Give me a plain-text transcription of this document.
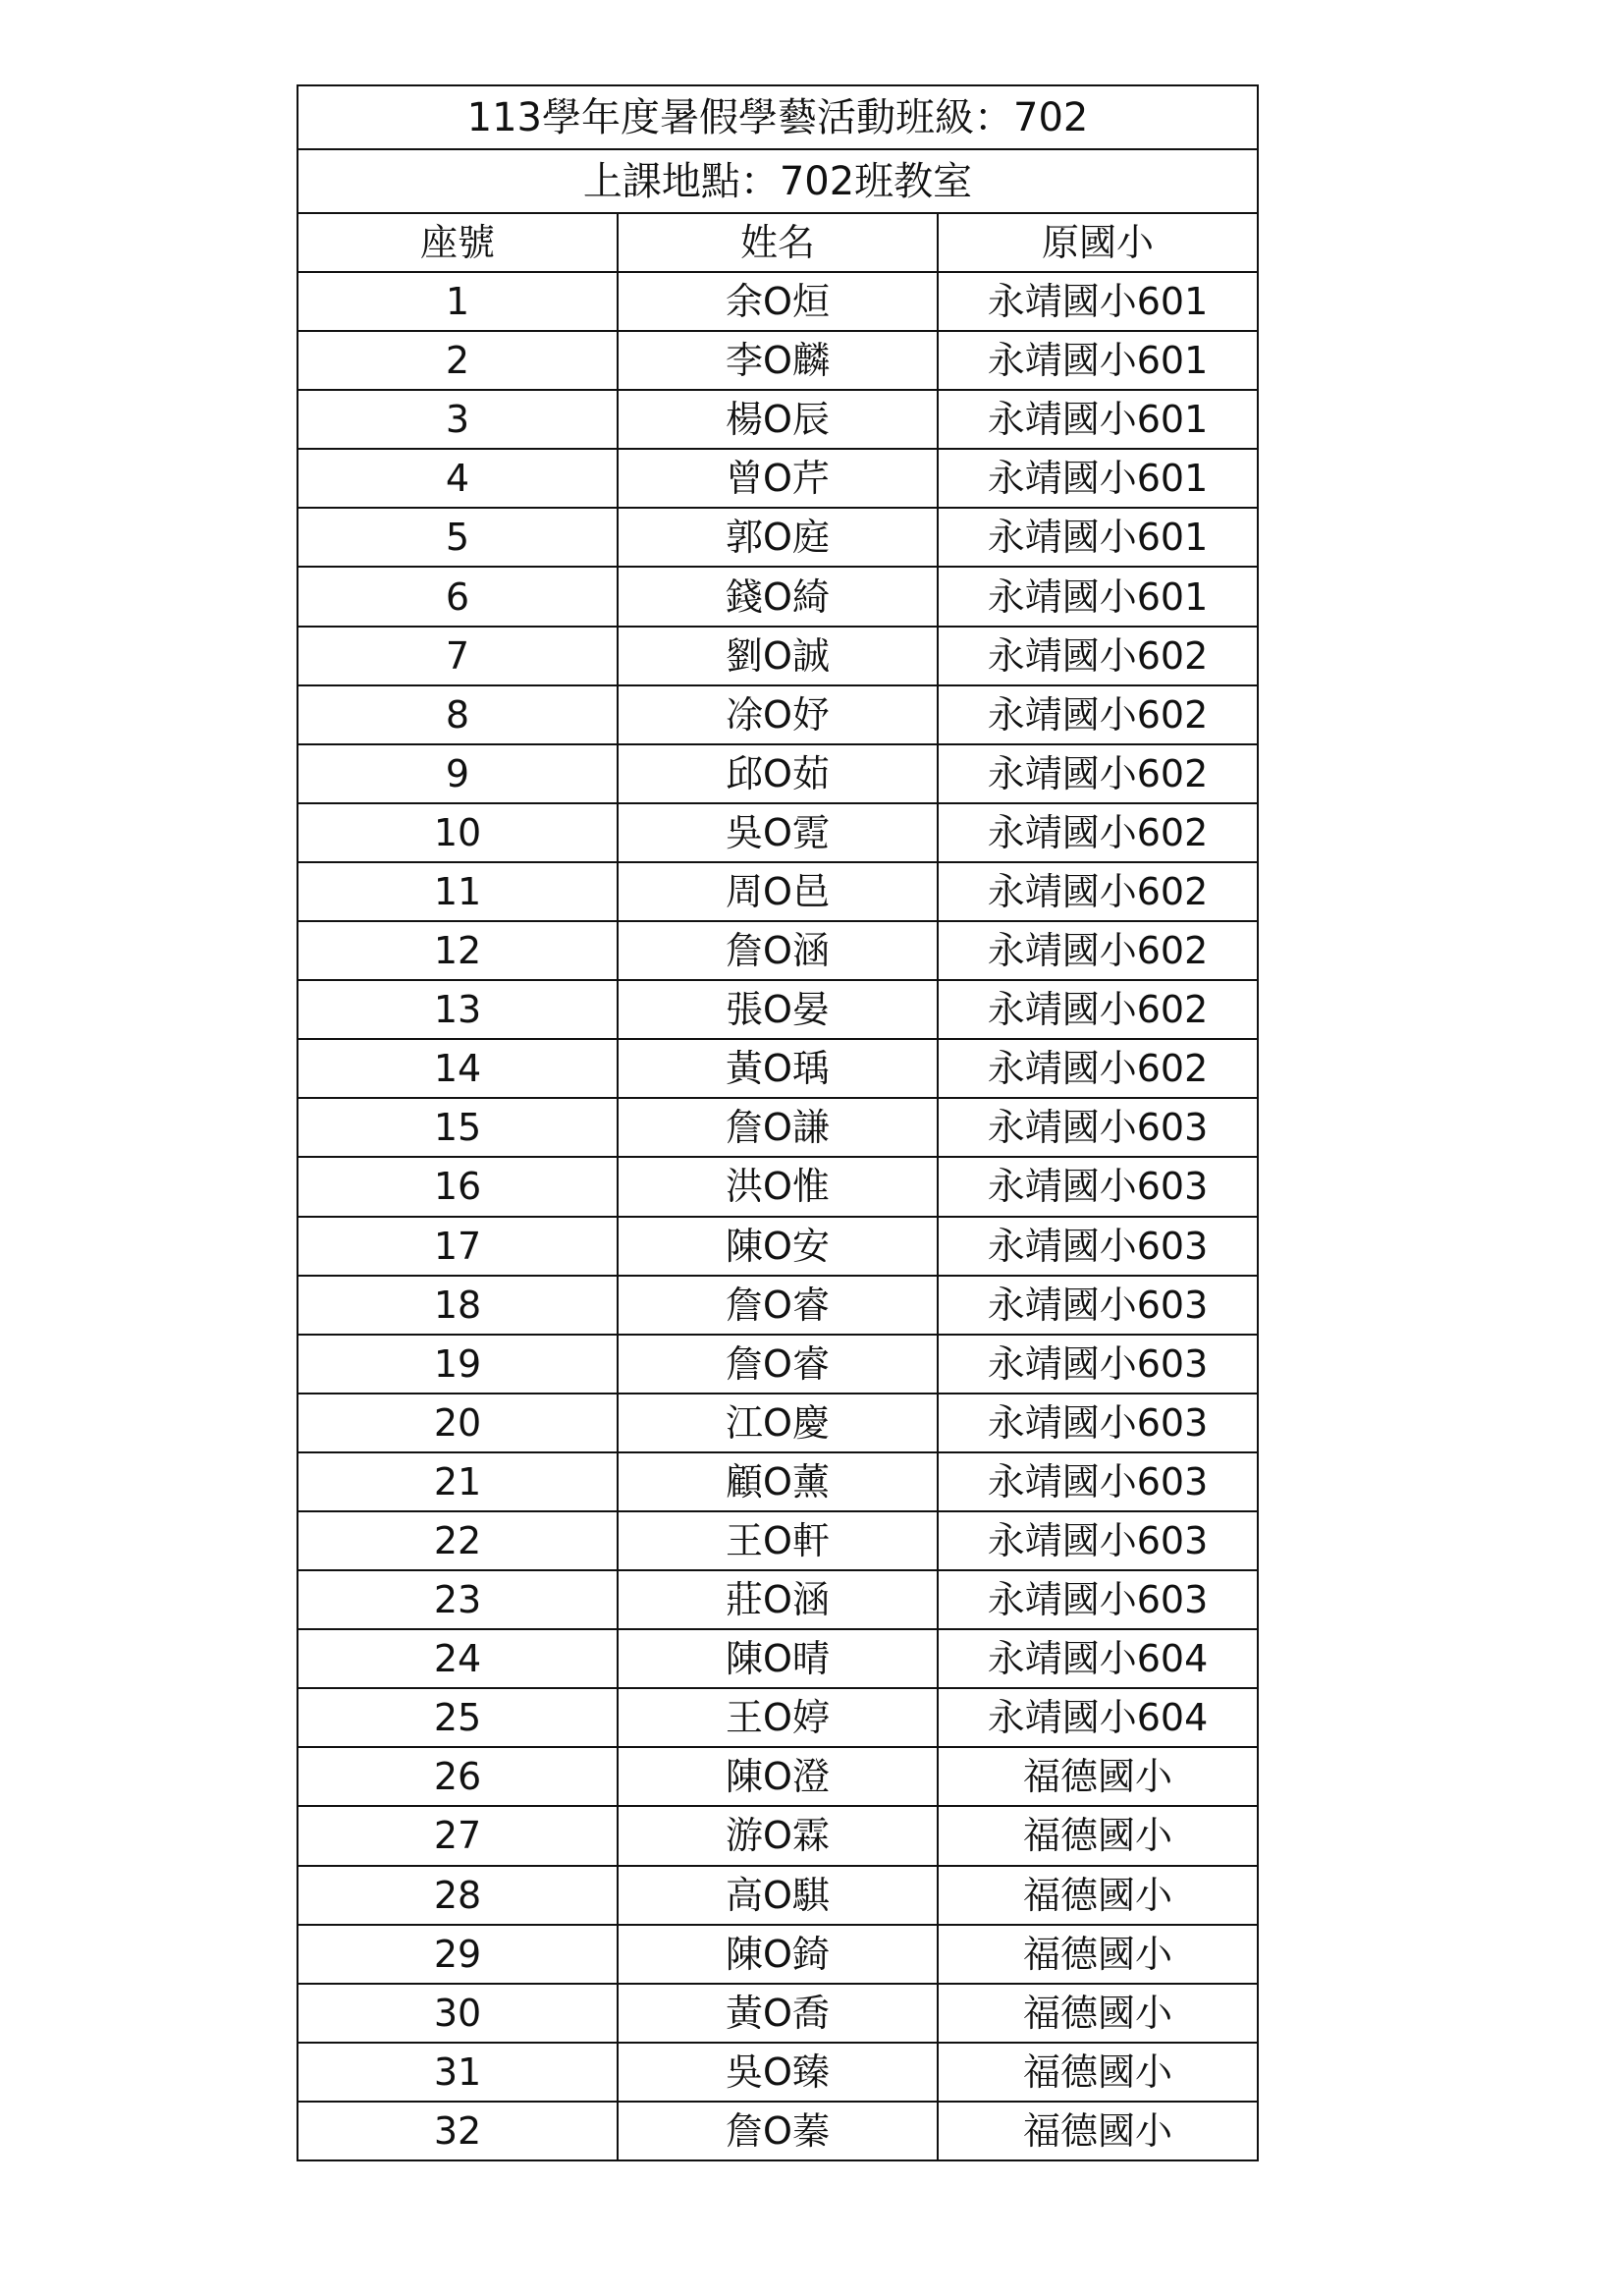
113學年度暑假學藝活動班級：702		
上課地點：702班教室		
座號	姓名	原國小
1	余O烜	永靖國小601
2	李O麟	永靖國小601
3	楊O辰	永靖國小601
4	曾O芹	永靖國小601
5	郭O庭	永靖國小601
6	錢O綺	永靖國小601
7	劉O誠	永靖國小602
8	凃O妤	永靖國小602
9	邱O茹	永靖國小602
10	吳O霓	永靖國小602
11	周O邑	永靖國小602
12	詹O涵	永靖國小602
13	張O晏	永靖國小602
14	黃O瑀	永靖國小602
15	詹O謙	永靖國小603
16	洪O惟	永靖國小603
17	陳O安	永靖國小603
18	詹O睿	永靖國小603
19	詹O睿	永靖國小603
20	江O慶	永靖國小603
21	顧O薰	永靖國小603
22	王O軒	永靖國小603
23	莊O涵	永靖國小603
24	陳O晴	永靖國小604
25	王O婷	永靖國小604
26	陳O澄	福德國小
27	游O霖	福德國小
28	高O騏	福德國小
29	陳O錡	福德國小
30	黃O喬	福德國小
31	吳O臻	福德國小
32	詹O蓁	福德國小
